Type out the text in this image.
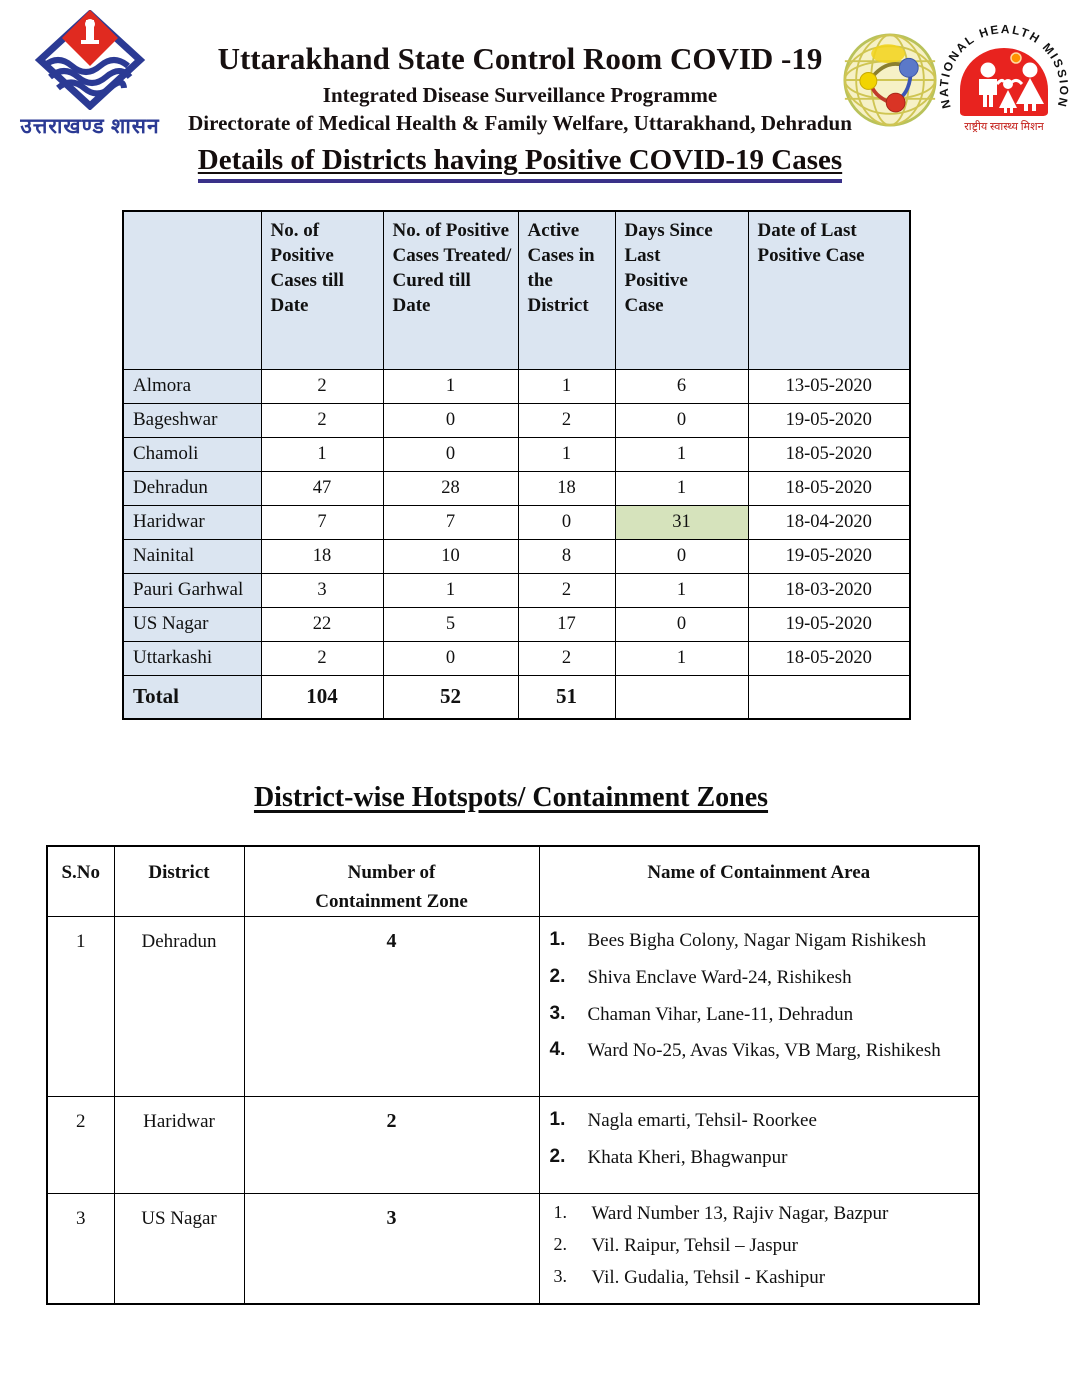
उत्तराखण्ड शासन
Uttarakhand State Control Room COVID -19
Integrated Disease Surveillance Programme
Directorate of Medical Health & Family Welfare, Uttarakhand, Dehradun
Details of Districts having Positive COVID-19 Cases
NATIONAL HEALTH MISSION
राष्ट्रीय स्वास्थ्य मिशन
	No. of Positive Cases till Date	No. of Positive Cases Treated/ Cured till Date	Active Cases in the District	Days Since Last Positive Case	Date of Last Positive Case
Almora	2	1	1	6	13-05-2020
Bageshwar	2	0	2	0	19-05-2020
Chamoli	1	0	1	1	18-05-2020
Dehradun	47	28	18	1	18-05-2020
Haridwar	7	7	0	31	18-04-2020
Nainital	18	10	8	0	19-05-2020
Pauri Garhwal	3	1	2	1	18-03-2020
US Nagar	22	5	17	0	19-05-2020
Uttarkashi	2	0	2	1	18-05-2020
Total	104	52	51		
District-wise Hotspots/ Containment Zones
S.No	District	Number of Containment Zone	Name of Containment Area
1	Dehradun	4	Bees Bigha Colony, Nagar Nigam Rishikesh
Shiva Enclave Ward-24, Rishikesh
Chaman Vihar, Lane-11, Dehradun
Ward No-25, Avas Vikas, VB Marg, Rishikesh

2	Haridwar	2	Nagla emarti, Tehsil- Roorkee
Khata Kheri, Bhagwanpur

3	US Nagar	3	Ward Number 13, Rajiv Nagar, Bazpur
Vil. Raipur, Tehsil – Jaspur
Vil. Gudalia, Tehsil - Kashipur
